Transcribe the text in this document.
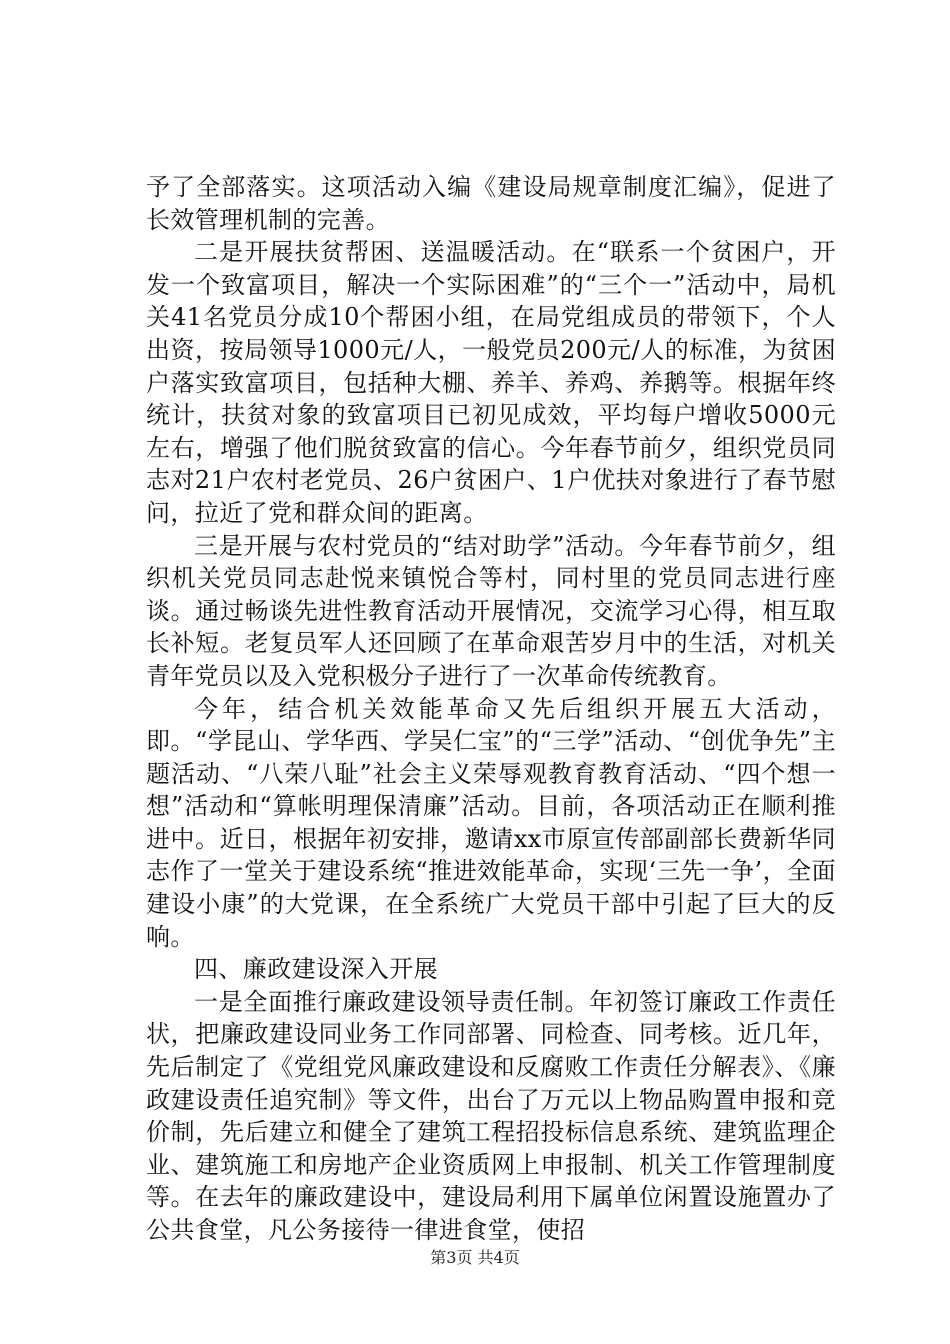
予了全部落实。这项活动入编《建设局规章制度汇编》，促进了长效管理机制的完善。

二是开展扶贫帮困、送温暖活动。在“联系一个贫困户，开发一个致富项目，解决一个实际困难”的“三个一”活动中，局机关41名党员分成10个帮困小组，在局党组成员的带领下，个人出资，按局领导1000元/人，一般党员200元/人的标准，为贫困户落实致富项目，包括种大棚、养羊、养鸡、养鹅等。根据年终统计，扶贫对象的致富项目已初见成效，平均每户增收5000元左右，增强了他们脱贫致富的信心。今年春节前夕，组织党员同志对21户农村老党员、26户贫困户、1户优扶对象进行了春节慰问，拉近了党和群众间的距离。

三是开展与农村党员的“结对助学”活动。今年春节前夕，组织机关党员同志赴悦来镇悦合等村，同村里的党员同志进行座谈。通过畅谈先进性教育活动开展情况，交流学习心得，相互取长补短。老复员军人还回顾了在革命艰苦岁月中的生活，对机关青年党员以及入党积极分子进行了一次革命传统教育。

今年，结合机关效能革命又先后组织开展五大活动，即。“学昆山、学华西、学吴仁宝”的“三学”活动、“创优争先”主题活动、“八荣八耻”社会主义荣辱观教育教育活动、“四个想一想”活动和“算帐明理保清廉”活动。目前，各项活动正在顺利推进中。近日，根据年初安排，邀请xx市原宣传部副部长费新华同志作了一堂关于建设系统“推进效能革命，实现‘三先一争’，全面建设小康”的大党课，在全系统广大党员干部中引起了巨大的反响。

四、廉政建设深入开展

一是全面推行廉政建设领导责任制。年初签订廉政工作责任状，把廉政建设同业务工作同部署、同检查、同考核。近几年，先后制定了《党组党风廉政建设和反腐败工作责任分解表》、《廉政建设责任追究制》等文件，出台了万元以上物品购置申报和竞价制，先后建立和健全了建筑工程招投标信息系统、建筑监理企业、建筑施工和房地产企业资质网上申报制、机关工作管理制度等。在去年的廉政建设中，建设局利用下属单位闲置设施置办了公共食堂，凡公务接待一律进食堂，使招

第3页 共4页
